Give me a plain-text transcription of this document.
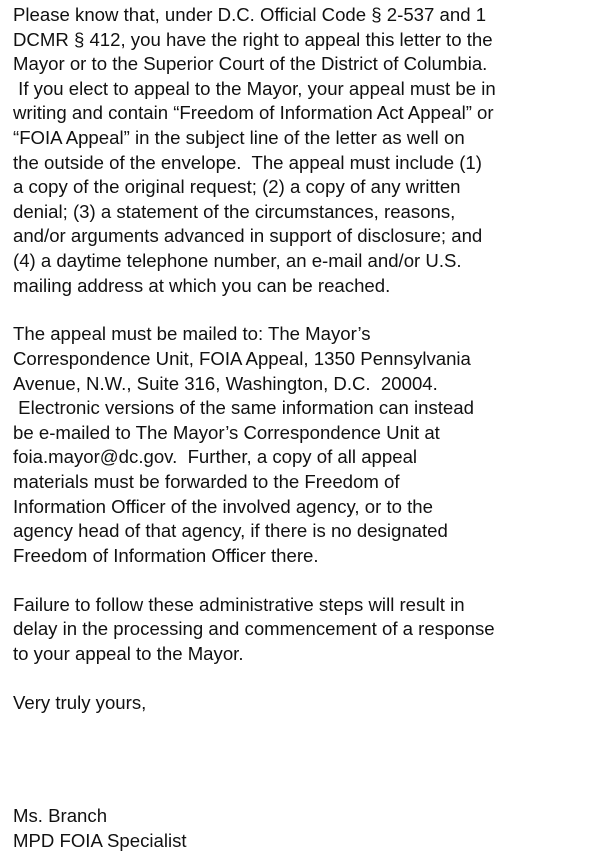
Please know that, under D.C. Official Code § 2-537 and 1
DCMR § 412, you have the right to appeal this letter to the
Mayor or to the Superior Court of the District of Columbia.
If you elect to appeal to the Mayor, your appeal must be in
writing and contain “Freedom of Information Act Appeal” or
“FOIA Appeal” in the subject line of the letter as well on
the outside of the envelope.  The appeal must include (1)
a copy of the original request; (2) a copy of any written
denial; (3) a statement of the circumstances, reasons,
and/or arguments advanced in support of disclosure; and
(4) a daytime telephone number, an e-mail and/or U.S.
mailing address at which you can be reached.
The appeal must be mailed to: The Mayor’s
Correspondence Unit, FOIA Appeal, 1350 Pennsylvania
Avenue, N.W., Suite 316, Washington, D.C.  20004.
Electronic versions of the same information can instead
be e-mailed to The Mayor’s Correspondence Unit at
foia.mayor@dc.gov.  Further, a copy of all appeal
materials must be forwarded to the Freedom of
Information Officer of the involved agency, or to the
agency head of that agency, if there is no designated
Freedom of Information Officer there.
Failure to follow these administrative steps will result in
delay in the processing and commencement of a response
to your appeal to the Mayor.
Very truly yours,
Ms. Branch
MPD FOIA Specialist
